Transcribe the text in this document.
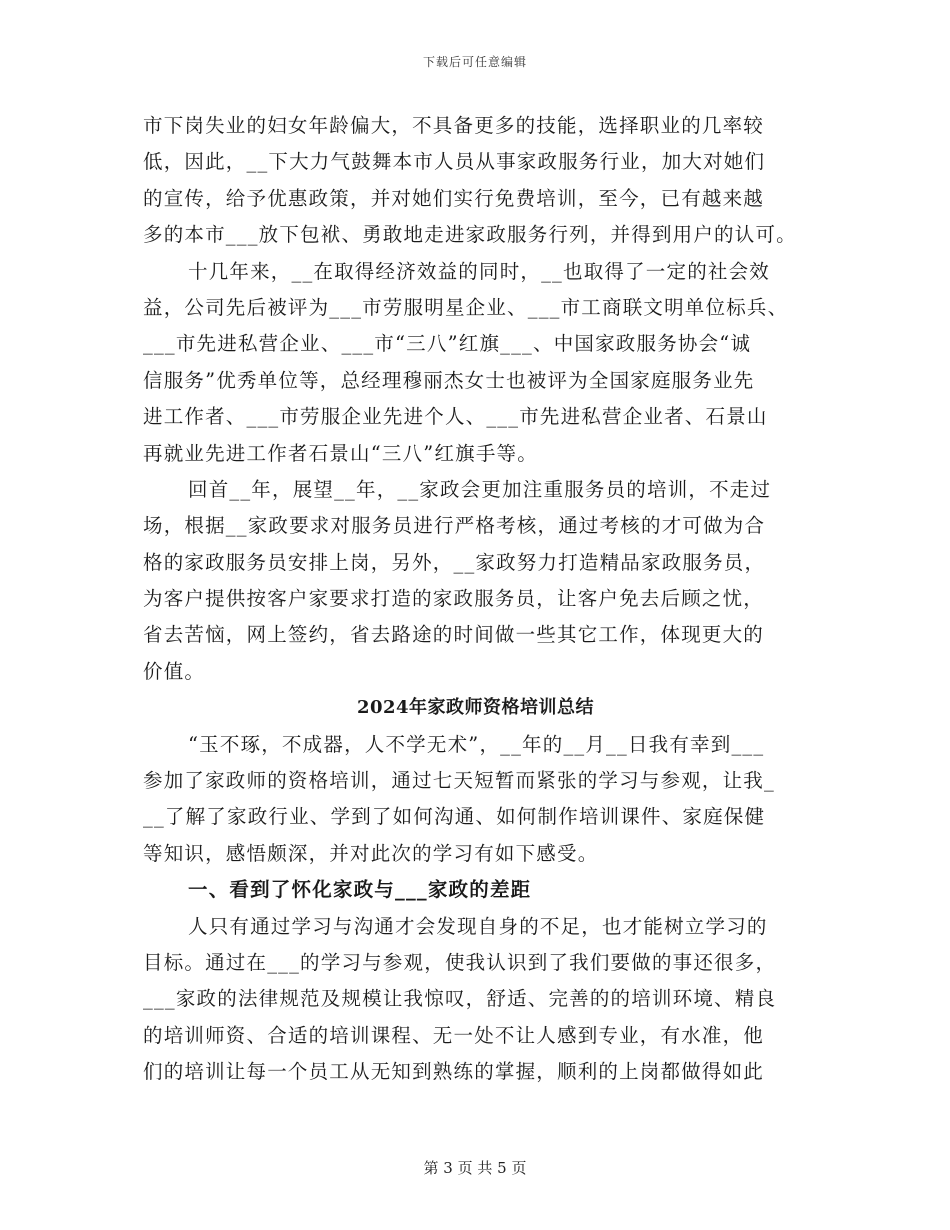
下载后可任意编辑
市下岗失业的妇女年龄偏大，不具备更多的技能，选择职业的几率较
低，因此，__下大力气鼓舞本市人员从事家政服务行业，加大对她们
的宣传，给予优惠政策，并对她们实行免费培训，至今，已有越来越
多的本市___放下包袱、勇敢地走进家政服务行列，并得到用户的认可。
十几年来，__在取得经济效益的同时，__也取得了一定的社会效
益，公司先后被评为___市劳服明星企业、___市工商联文明单位标兵、
___市先进私营企业、___市“三八”红旗___、中国家政服务协会“诚
信服务”优秀单位等，总经理穆丽杰女士也被评为全国家庭服务业先
进工作者、___市劳服企业先进个人、___市先进私营企业者、石景山
再就业先进工作者石景山“三八”红旗手等。
回首__年，展望__年，__家政会更加注重服务员的培训，不走过
场，根据__家政要求对服务员进行严格考核，通过考核的才可做为合
格的家政服务员安排上岗，另外，__家政努力打造精品家政服务员，
为客户提供按客户家要求打造的家政服务员，让客户免去后顾之忧，
省去苦恼，网上签约，省去路途的时间做一些其它工作，体现更大的
价值。
2024年家政师资格培训总结
“玉不琢，不成器，人不学无术”，__年的__月__日我有幸到___
参加了家政师的资格培训，通过七天短暂而紧张的学习与参观，让我_
__了解了家政行业、学到了如何沟通、如何制作培训课件、家庭保健
等知识，感悟颇深，并对此次的学习有如下感受。
一、看到了怀化家政与___家政的差距
人只有通过学习与沟通才会发现自身的不足，也才能树立学习的
目标。通过在___的学习与参观，使我认识到了我们要做的事还很多，
___家政的法律规范及规模让我惊叹，舒适、完善的的培训环境、精良
的培训师资、合适的培训课程、无一处不让人感到专业，有水准，他
们的培训让每一个员工从无知到熟练的掌握，顺利的上岗都做得如此
第 3 页 共 5 页
